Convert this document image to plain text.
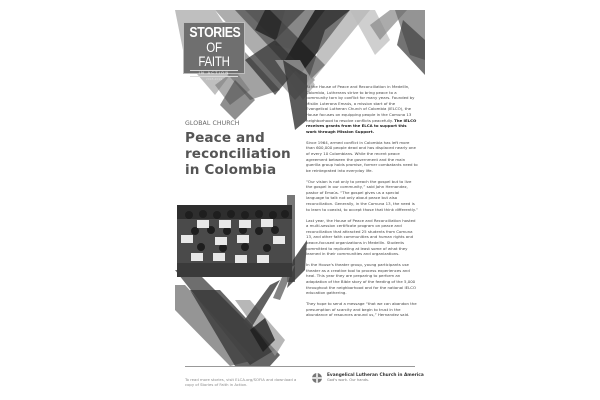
STORIES
OF FAITH
IN ACTION
2018-2019
GLOBAL CHURCH
Peace and reconciliation in Colombia

At the House of Peace and Reconciliation in Medellín, Colombia, Lutherans strive to bring peace to a community torn by conflict for many years. Founded by Misión Luterana Emaús, a mission start of the Evangelical Lutheran Church of Colombia (IELCO), the House focuses on equipping people in the Comuna 13 neighborhood to resolve conflicts peacefully. The IELCO receives grants from the ELCA to support this work through Mission Support.

Since 1964, armed conflict in Colombia has left more than 600,000 people dead and has displaced nearly one of every 10 Colombians. While the recent peace agreement between the government and the main guerilla group holds promise, former combatants need to be reintegrated into everyday life.

“Our vision is not only to preach the gospel but to live the gospel in our community,” said John Hernandez, pastor of Emaús. “The gospel gives us a special language to talk not only about peace but also reconciliation. Generally, in the Comuna 13, the need is to learn to coexist, to accept those that think differently.”

Last year, the House of Peace and Reconciliation hosted a multi-session certificate program on peace and reconciliation that attracted 25 students from Comuna 13, and other faith communities and human rights and peace-focused organizations in Medellín. Students committed to replicating at least some of what they learned in their communities and organizations.

In the House's theater group, young participants use theater as a creative tool to process experiences and heal. This year they are preparing to perform an adaptation of the Bible story of the feeding of the 5,000 throughout the neighborhood and for the national IELCO education gathering.

They hope to send a message “that we can abandon the presumption of scarcity and begin to trust in the abundance of resources around us,” Hernandez said.

To read more stories, visit ELCA.org/SOFIA and download a copy of Stories of Faith in Action.
Evangelical Lutheran Church in America
God's work. Our hands.
